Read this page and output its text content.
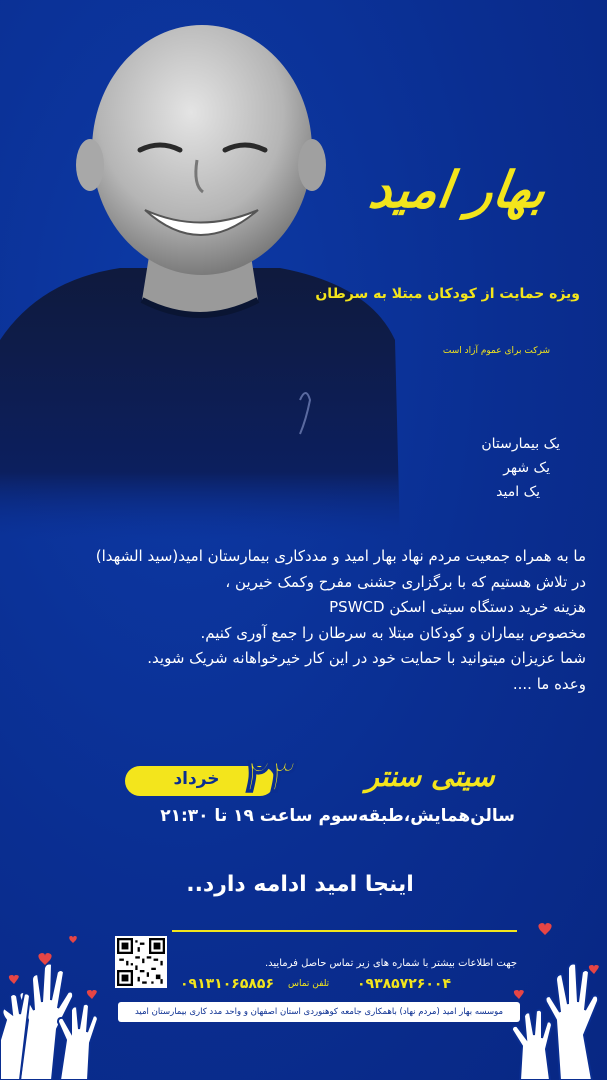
بهار امید
ویژه حمایت از کودکان مبتلا به سرطان
شرکت برای عموم آزاد است
یک بیمارستان
یک شهر
یک امید

ما به همراه جمعیت مردم نهاد بهار امید و مددکاری بیمارستان امید(سید الشهدا)

در تلاش هستیم که با برگزاری جشنی مفرح وکمک خیرین ،

هزینه خرید دستگاه سیتی اسکن PSWCD

مخصوص بیماران و کودکان مبتلا به سرطان را جمع آوری کنیم.

شما عزیزان میتوانید با حمایت خود در این کار خیرخواهانه شریک شوید.

وعده ما ....

سیتی سنتر
خرداد ۲۳
سالن‌همایش،طبقه‌سوم ساعت ۱۹ تا ۲۱:۳۰
اینجا امید ادامه دارد..
جهت اطلاعات بیشتر با شماره های زیر تماس حاصل فرمایید.
۰۹۳۸۵۷۲۶۰۰۴
تلفن تماس
۰۹۱۳۱۰۶۵۸۵۶
موسسه بهار امید (مردم نهاد) باهمکاری جامعه کوهنوردی استان اصفهان و واحد مدد کاری بیمارستان امید
